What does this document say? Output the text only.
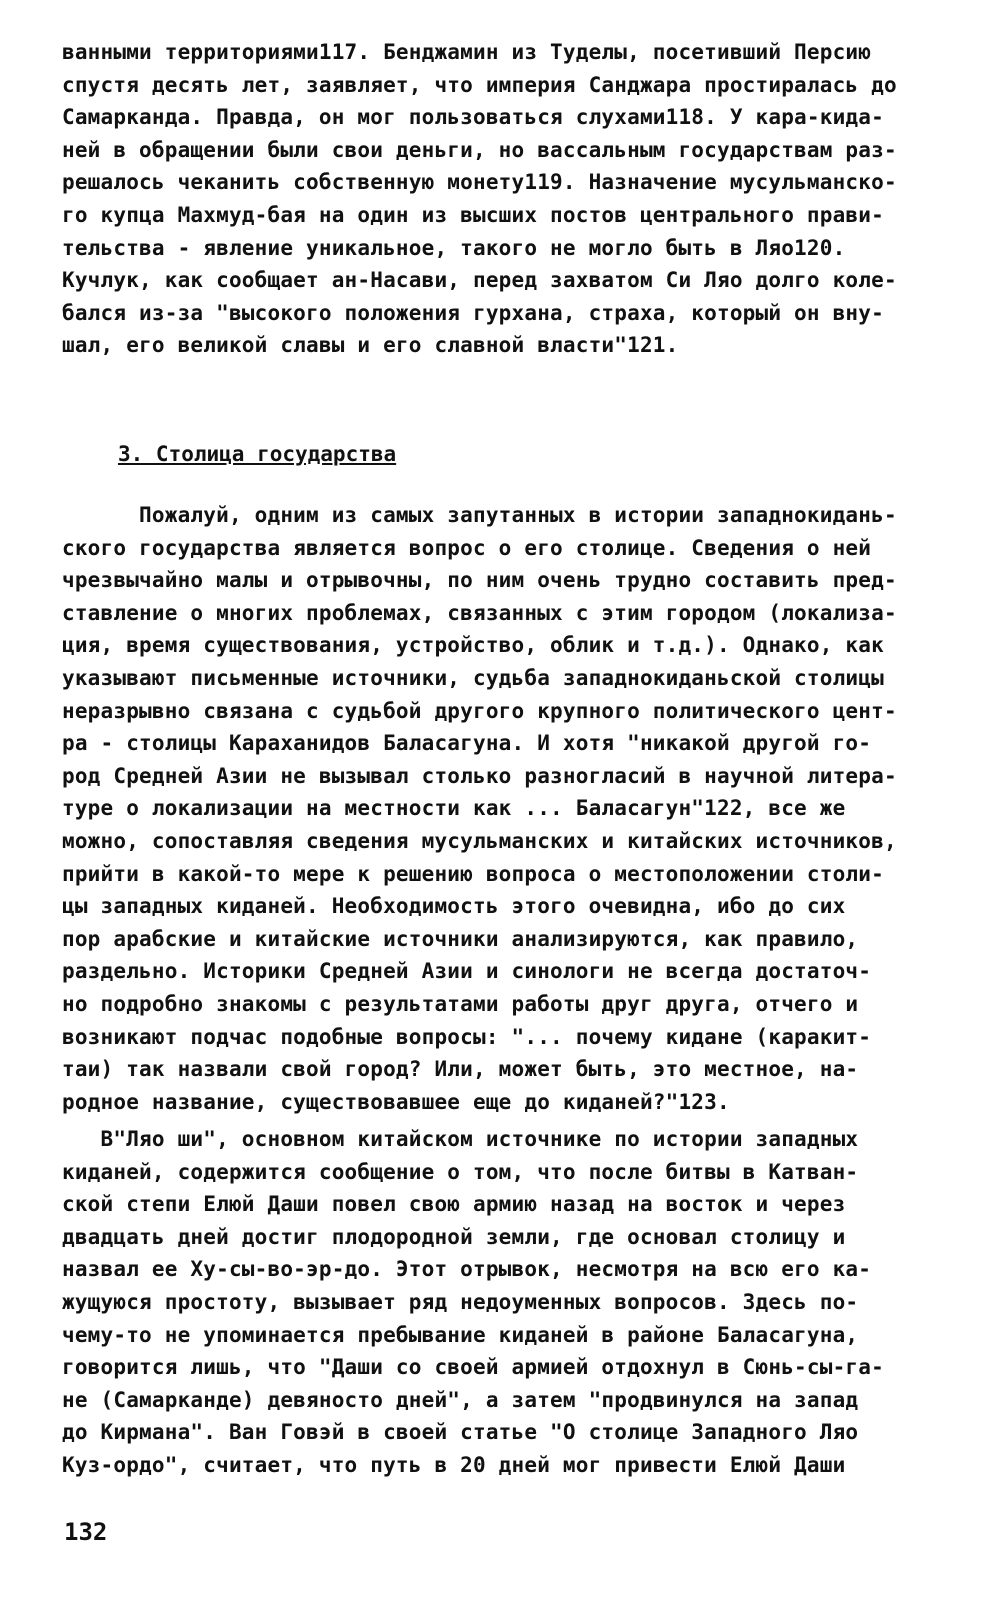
ванными территориями117. Бенджамин из Туделы, посетивший Персию
спустя десять лет, заявляет, что империя Санджара простиралась до
Самарканда. Правда, он мог пользоваться слухами118. У кара-кида-
ней в обращении были свои деньги, но вассальным государствам раз-
решалось чеканить собственную монету119. Назначение мусульманско-
го купца Махмуд-бая на один из высших постов центрального прави-
тельства - явление уникальное, такого не могло быть в Ляо120.
Кучлук, как сообщает ан-Насави, перед захватом Си Ляо долго коле-
бался из-за "высокого положения гурхана, страха, который он вну-
шал, его великой славы и его славной власти"121.
3. Столица государства
Пожалуй, одним из самых запутанных в истории западнокидань-
ского государства является вопрос о его столице. Сведения о ней
чрезвычайно малы и отрывочны, по ним очень трудно составить пред-
ставление о многих проблемах, связанных с этим городом (локализа-
ция, время существования, устройство, облик и т.д.). Однако, как
указывают письменные источники, судьба западнокиданьской столицы
неразрывно связана с судьбой другого крупного политического цент-
ра - столицы Караханидов Баласагуна. И хотя "никакой другой го-
род Средней Азии не вызывал столько разногласий в научной литера-
туре о локализации на местности как ... Баласагун"122, все же
можно, сопоставляя сведения мусульманских и китайских источников,
прийти в какой-то мере к решению вопроса о местоположении столи-
цы западных киданей. Необходимость этого очевидна, ибо до сих
пор арабские и китайские источники анализируются, как правило,
раздельно. Историки Средней Азии и синологи не всегда достаточ-
но подробно знакомы с результатами работы друг друга, отчего и
возникают подчас подобные вопросы: "... почему кидане (каракит-
таи) так назвали свой город? Или, может быть, это местное, на-
родное название, существовавшее еще до киданей?"123.
В"Ляо ши", основном китайском источнике по истории западных
киданей, содержится сообщение о том, что после битвы в Катван-
ской степи Елюй Даши повел свою армию назад на восток и через
двадцать дней достиг плодородной земли, где основал столицу и
назвал ее Ху-сы-во-эр-до. Этот отрывок, несмотря на всю его ка-
жущуюся простоту, вызывает ряд недоуменных вопросов. Здесь по-
чему-то не упоминается пребывание киданей в районе Баласагуна,
говорится лишь, что "Даши со своей армией отдохнул в Сюнь-сы-га-
не (Самарканде) девяносто дней", а затем "продвинулся на запад
до Кирмана". Ван Говэй в своей статье "О столице Западного Ляо
Куз-ордо", считает, что путь в 20 дней мог привести Елюй Даши
132
